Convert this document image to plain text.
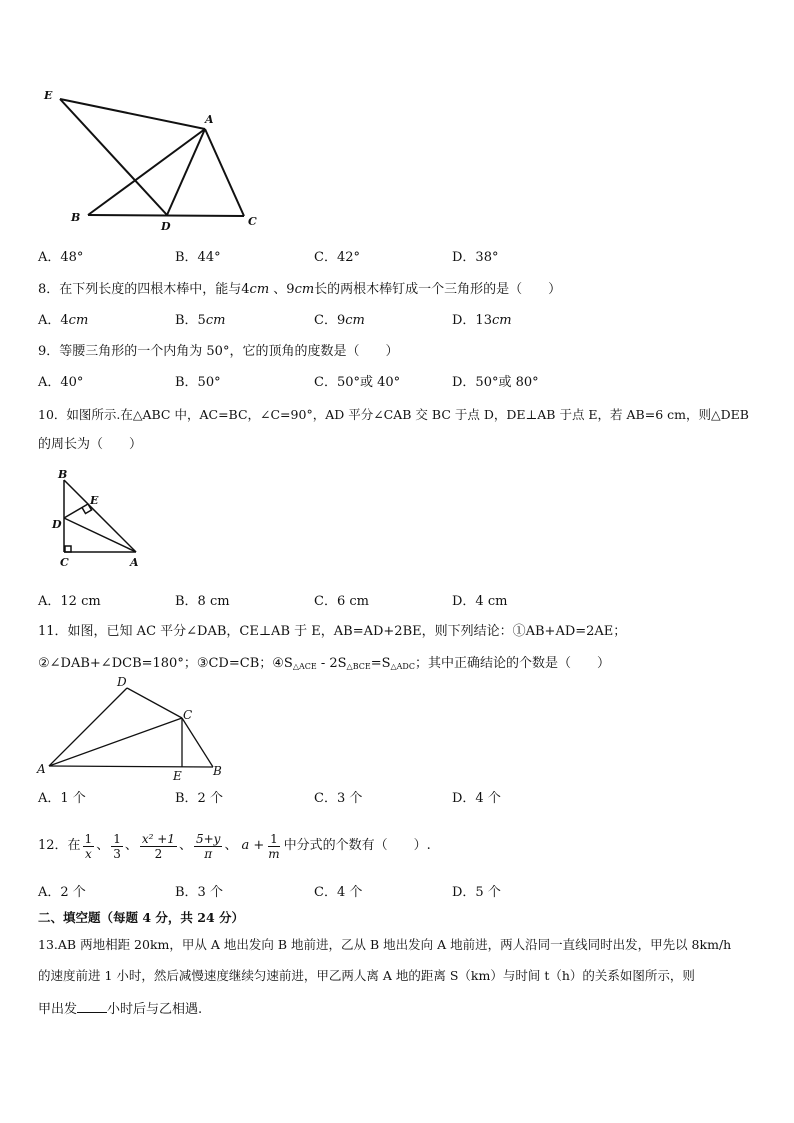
E
A
B
D	C
A．48°	B．44°	C．42°	D．38°
8．在下列长度的四根木棒中，能与4cm 、9cm长的两根木棒钉成一个三角形的是（　　）
A．4cm	B．5cm	C．9cm	D．13cm
9．等腰三角形的一个内角为 50°，它的顶角的度数是（　　）
A．40°	B．50°	C．50°或 40°	D．50°或 80°
10．如图所示.在△ABC 中，AC=BC，∠C=90°，AD 平分∠CAB 交 BC 于点 D，DE⊥AB 于点 E，若 AB=6 cm，则△DEB
的周长为（　　）
B
E
D
C	A
A．12 cm	B．8 cm	C．6 cm	D．4 cm
11．如图，已知 AC 平分∠DAB，CE⊥AB 于 E，AB=AD+2BE，则下列结论：①AB+AD=2AE；
②∠DAB+∠DCB=180°；③CD=CB；$④S_{\triangle ACE} - 2S_{\triangle BCE}=S_{\triangle ADC}$；其中正确结论的个数是（　　）
D
C
A	E	B
A．1 个	B．2 个	C．3 个	D．4 个
12．在 $\frac{1}{x}$ 、 $\frac{1}{3}$ 、 $\frac{\text{x² +1}}{2}$ 、 $\frac{5+y}{\pi}$ 、 $a + \frac{1}{m}$ 中分式的个数有（　　）.
A．2 个	B．3 个	C．4 个	D．5 个
二、填空题（每题 4 分，共 24 分）
13.AB 两地相距 20km，甲从 A 地出发向 B 地前进，乙从 B 地出发向 A 地前进，两人沿同一直线同时出发，甲先以 8km/h
的速度前进 1 小时，然后减慢速度继续匀速前进，甲乙两人离 A 地的距离 S（km）与时间 t（h）的关系如图所示，则
甲出发 小时后与乙相遇.
